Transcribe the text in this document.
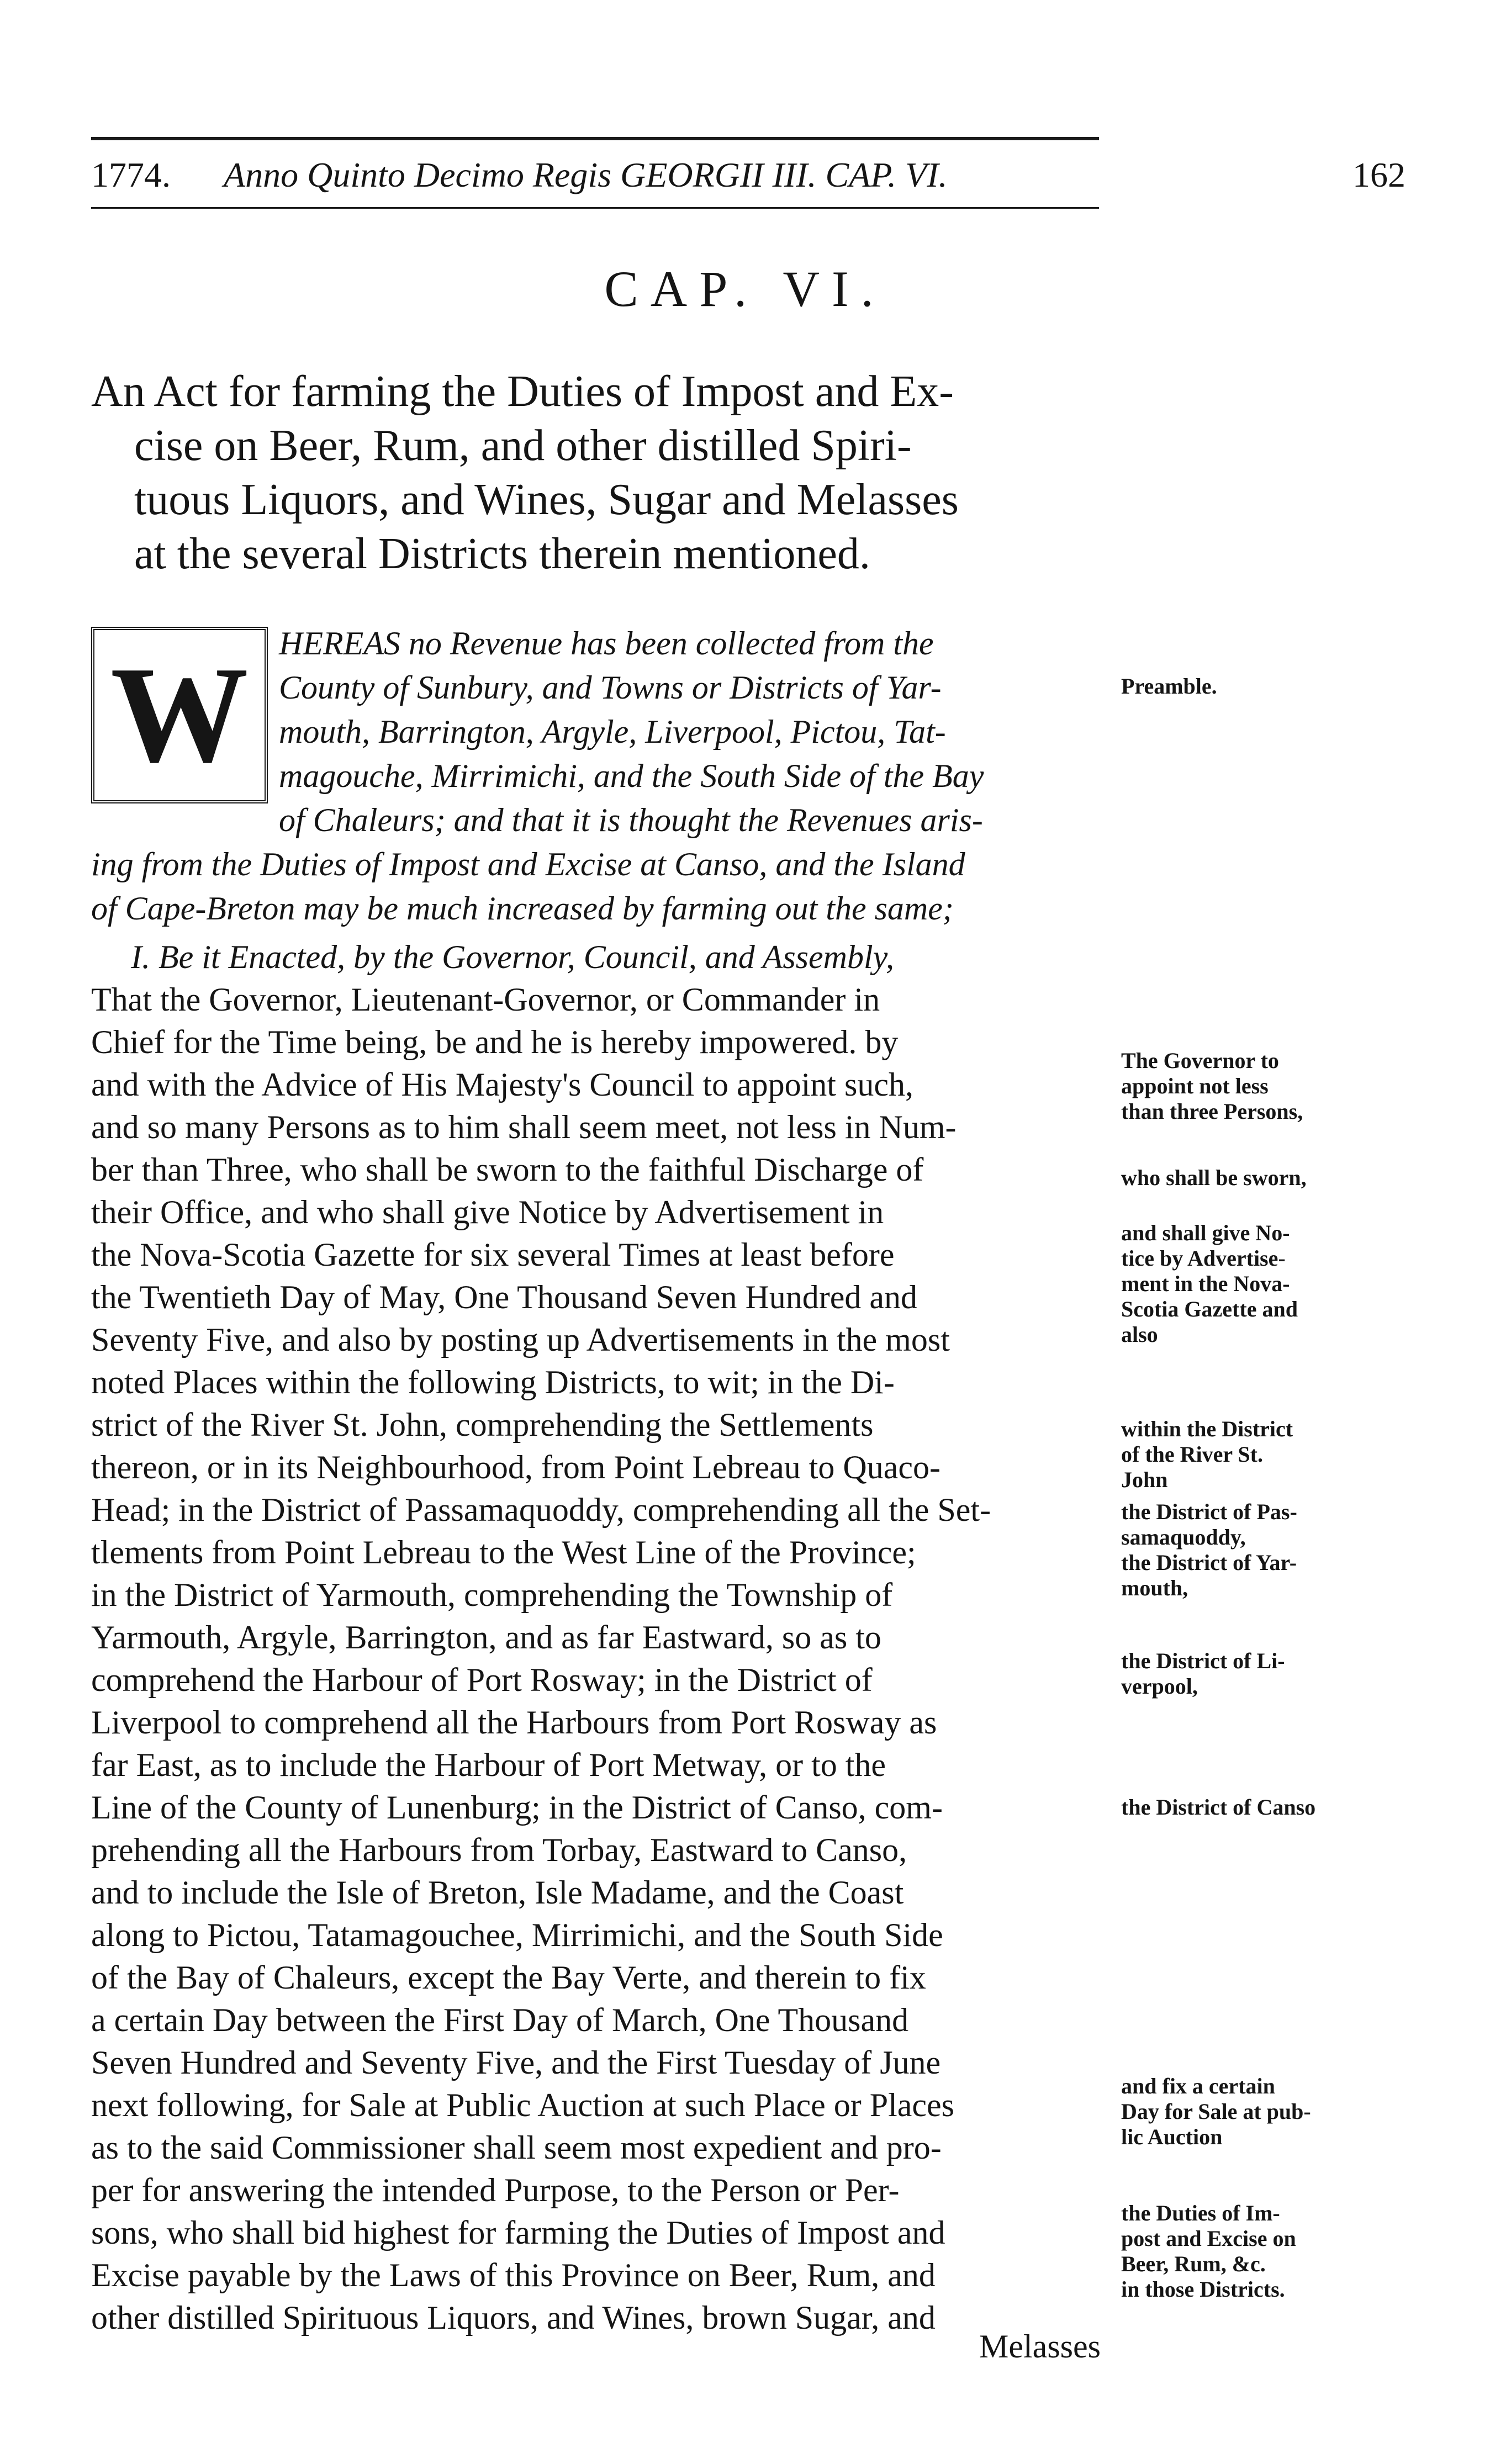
1774. Anno Quinto Decimo Regis GEORGII III. CAP. VI.	162
CAP. VI.
An Act for farming the Duties of Impost and Ex-
cise on Beer, Rum, and other distilled Spiri-
tuous Liquors, and Wines, Sugar and Melasses
at the several Districts therein mentioned.
W HEREAS no Revenue has been collected from the
County of Sunbury, and Towns or Districts of Yar-
mouth, Barrington, Argyle, Liverpool, Pictou, Tat-
magouche, Mirrimichi, and the South Side of the Bay
of Chaleurs; and that it is thought the Revenues aris-
ing from the Duties of Impost and Excise at Canso, and the Island
of Cape-Breton may be much increased by farming out the same;
I. Be it Enacted, by the Governor, Council, and Assembly,
That the Governor, Lieutenant-Governor, or Commander in
Chief for the Time being, be and he is hereby impowered. by
and with the Advice of His Majesty's Council to appoint such,
and so many Persons as to him shall seem meet, not less in Num-
ber than Three, who shall be sworn to the faithful Discharge of
their Office, and who shall give Notice by Advertisement in
the Nova-Scotia Gazette for six several Times at least before
the Twentieth Day of May, One Thousand Seven Hundred and
Seventy Five, and also by posting up Advertisements in the most
noted Places within the following Districts, to wit; in the Di-
strict of the River St. John, comprehending the Settlements
thereon, or in its Neighbourhood, from Point Lebreau to Quaco-
Head; in the District of Passamaquoddy, comprehending all the Set-
tlements from Point Lebreau to the West Line of the Province;
in the District of Yarmouth, comprehending the Township of
Yarmouth, Argyle, Barrington, and as far Eastward, so as to
comprehend the Harbour of Port Rosway; in the District of
Liverpool to comprehend all the Harbours from Port Rosway as
far East, as to include the Harbour of Port Metway, or to the
Line of the County of Lunenburg; in the District of Canso, com-
prehending all the Harbours from Torbay, Eastward to Canso,
and to include the Isle of Breton, Isle Madame, and the Coast
along to Pictou, Tatamagouchee, Mirrimichi, and the South Side
of the Bay of Chaleurs, except the Bay Verte, and therein to fix
a certain Day between the First Day of March, One Thousand
Seven Hundred and Seventy Five, and the First Tuesday of June
next following, for Sale at Public Auction at such Place or Places
as to the said Commissioner shall seem most expedient and pro-
per for answering the intended Purpose, to the Person or Per-
sons, who shall bid highest for farming the Duties of Impost and
Excise payable by the Laws of this Province on Beer, Rum, and
other distilled Spirituous Liquors, and Wines, brown Sugar, and
Melasses
Preamble.
The Governor to
appoint not less
than three Persons,
who shall be sworn,
and shall give No-
tice by Advertise-
ment in the Nova-
Scotia Gazette and
also
within the District
of the River St.
John
the District of Pas-
samaquoddy,
the District of Yar-
mouth,
the District of Li-
verpool,
the District of Canso
and fix a certain
Day for Sale at pub-
lic Auction
the Duties of Im-
post and Excise on
Beer, Rum, &c.
in those Districts.
